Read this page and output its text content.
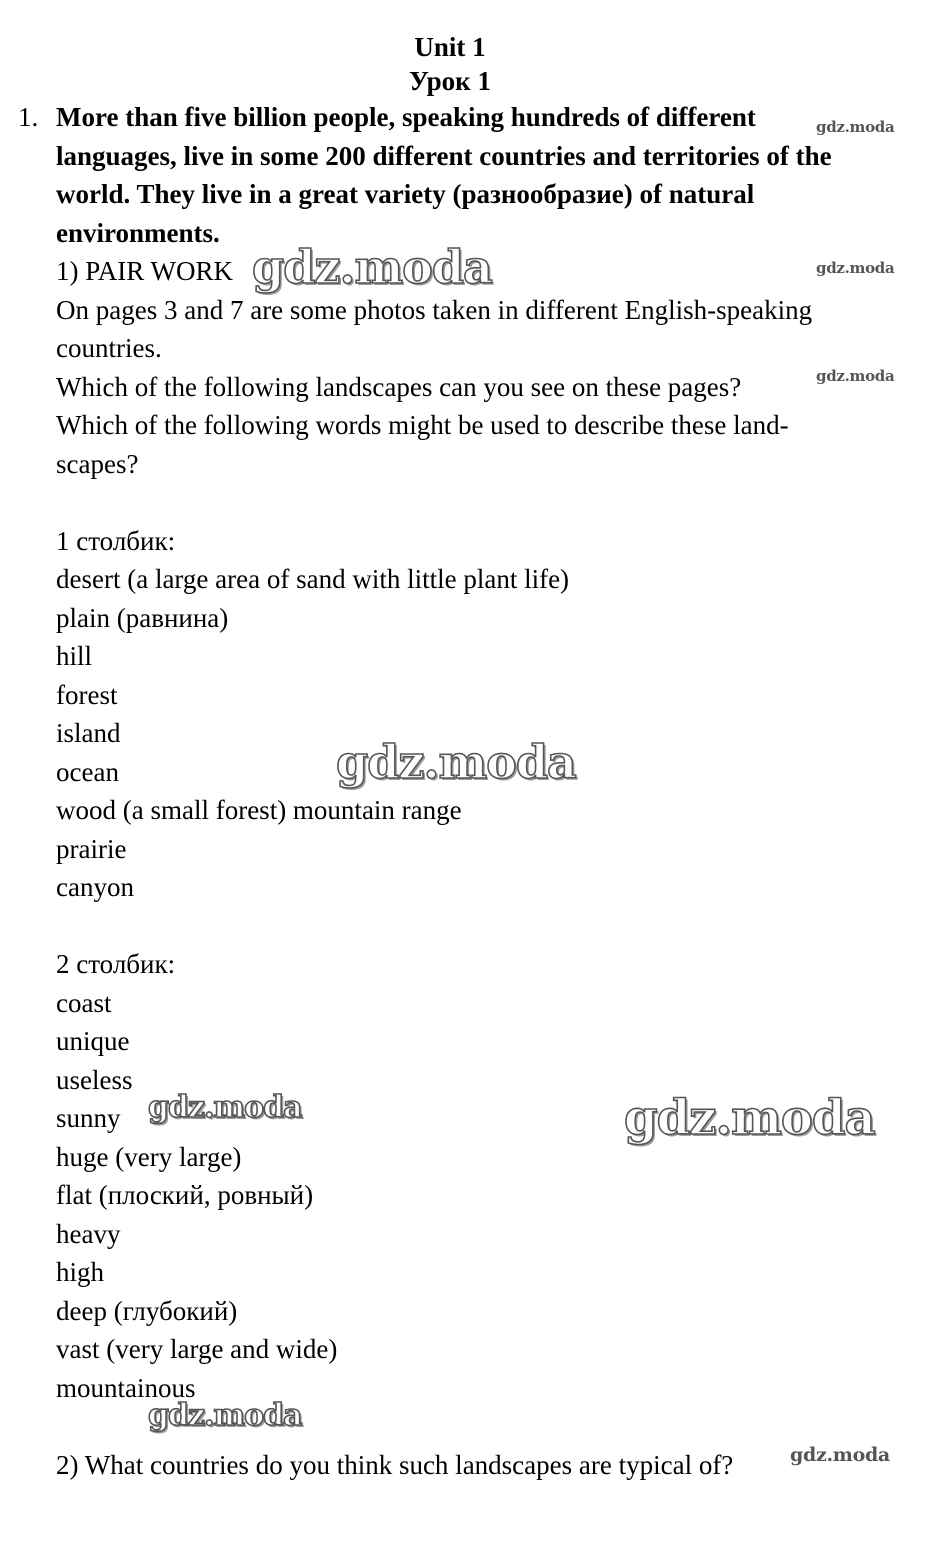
Unit 1
Урок 1
1. More than five billion people, speaking hundreds of different
languages, live in some 200 different countries and territories of the
world. They live in a great variety (разнообразие) of natural
environments.
1) PAIR WORK
On pages 3 and 7 are some photos taken in different English-speaking
countries.
Which of the following landscapes can you see on these pages?
Which of the following words might be used to describe these land-
scapes?
1 столбик:
desert (a large area of sand with little plant life)
plain (равнина)
hill
forest
island
ocean
wood (a small forest) mountain range
prairie
canyon
2 столбик:
coast
unique
useless
sunny
huge (very large)
flat (плоский, ровный)
heavy
high
deep (глубокий)
vast (very large and wide)
mountainous
2) What countries do you think such landscapes are typical of?
gdz.moda
gdz.moda	gdz.moda
gdz.moda
gdz.moda
gdz.moda	gdz.moda
gdz.moda
gdz.moda
